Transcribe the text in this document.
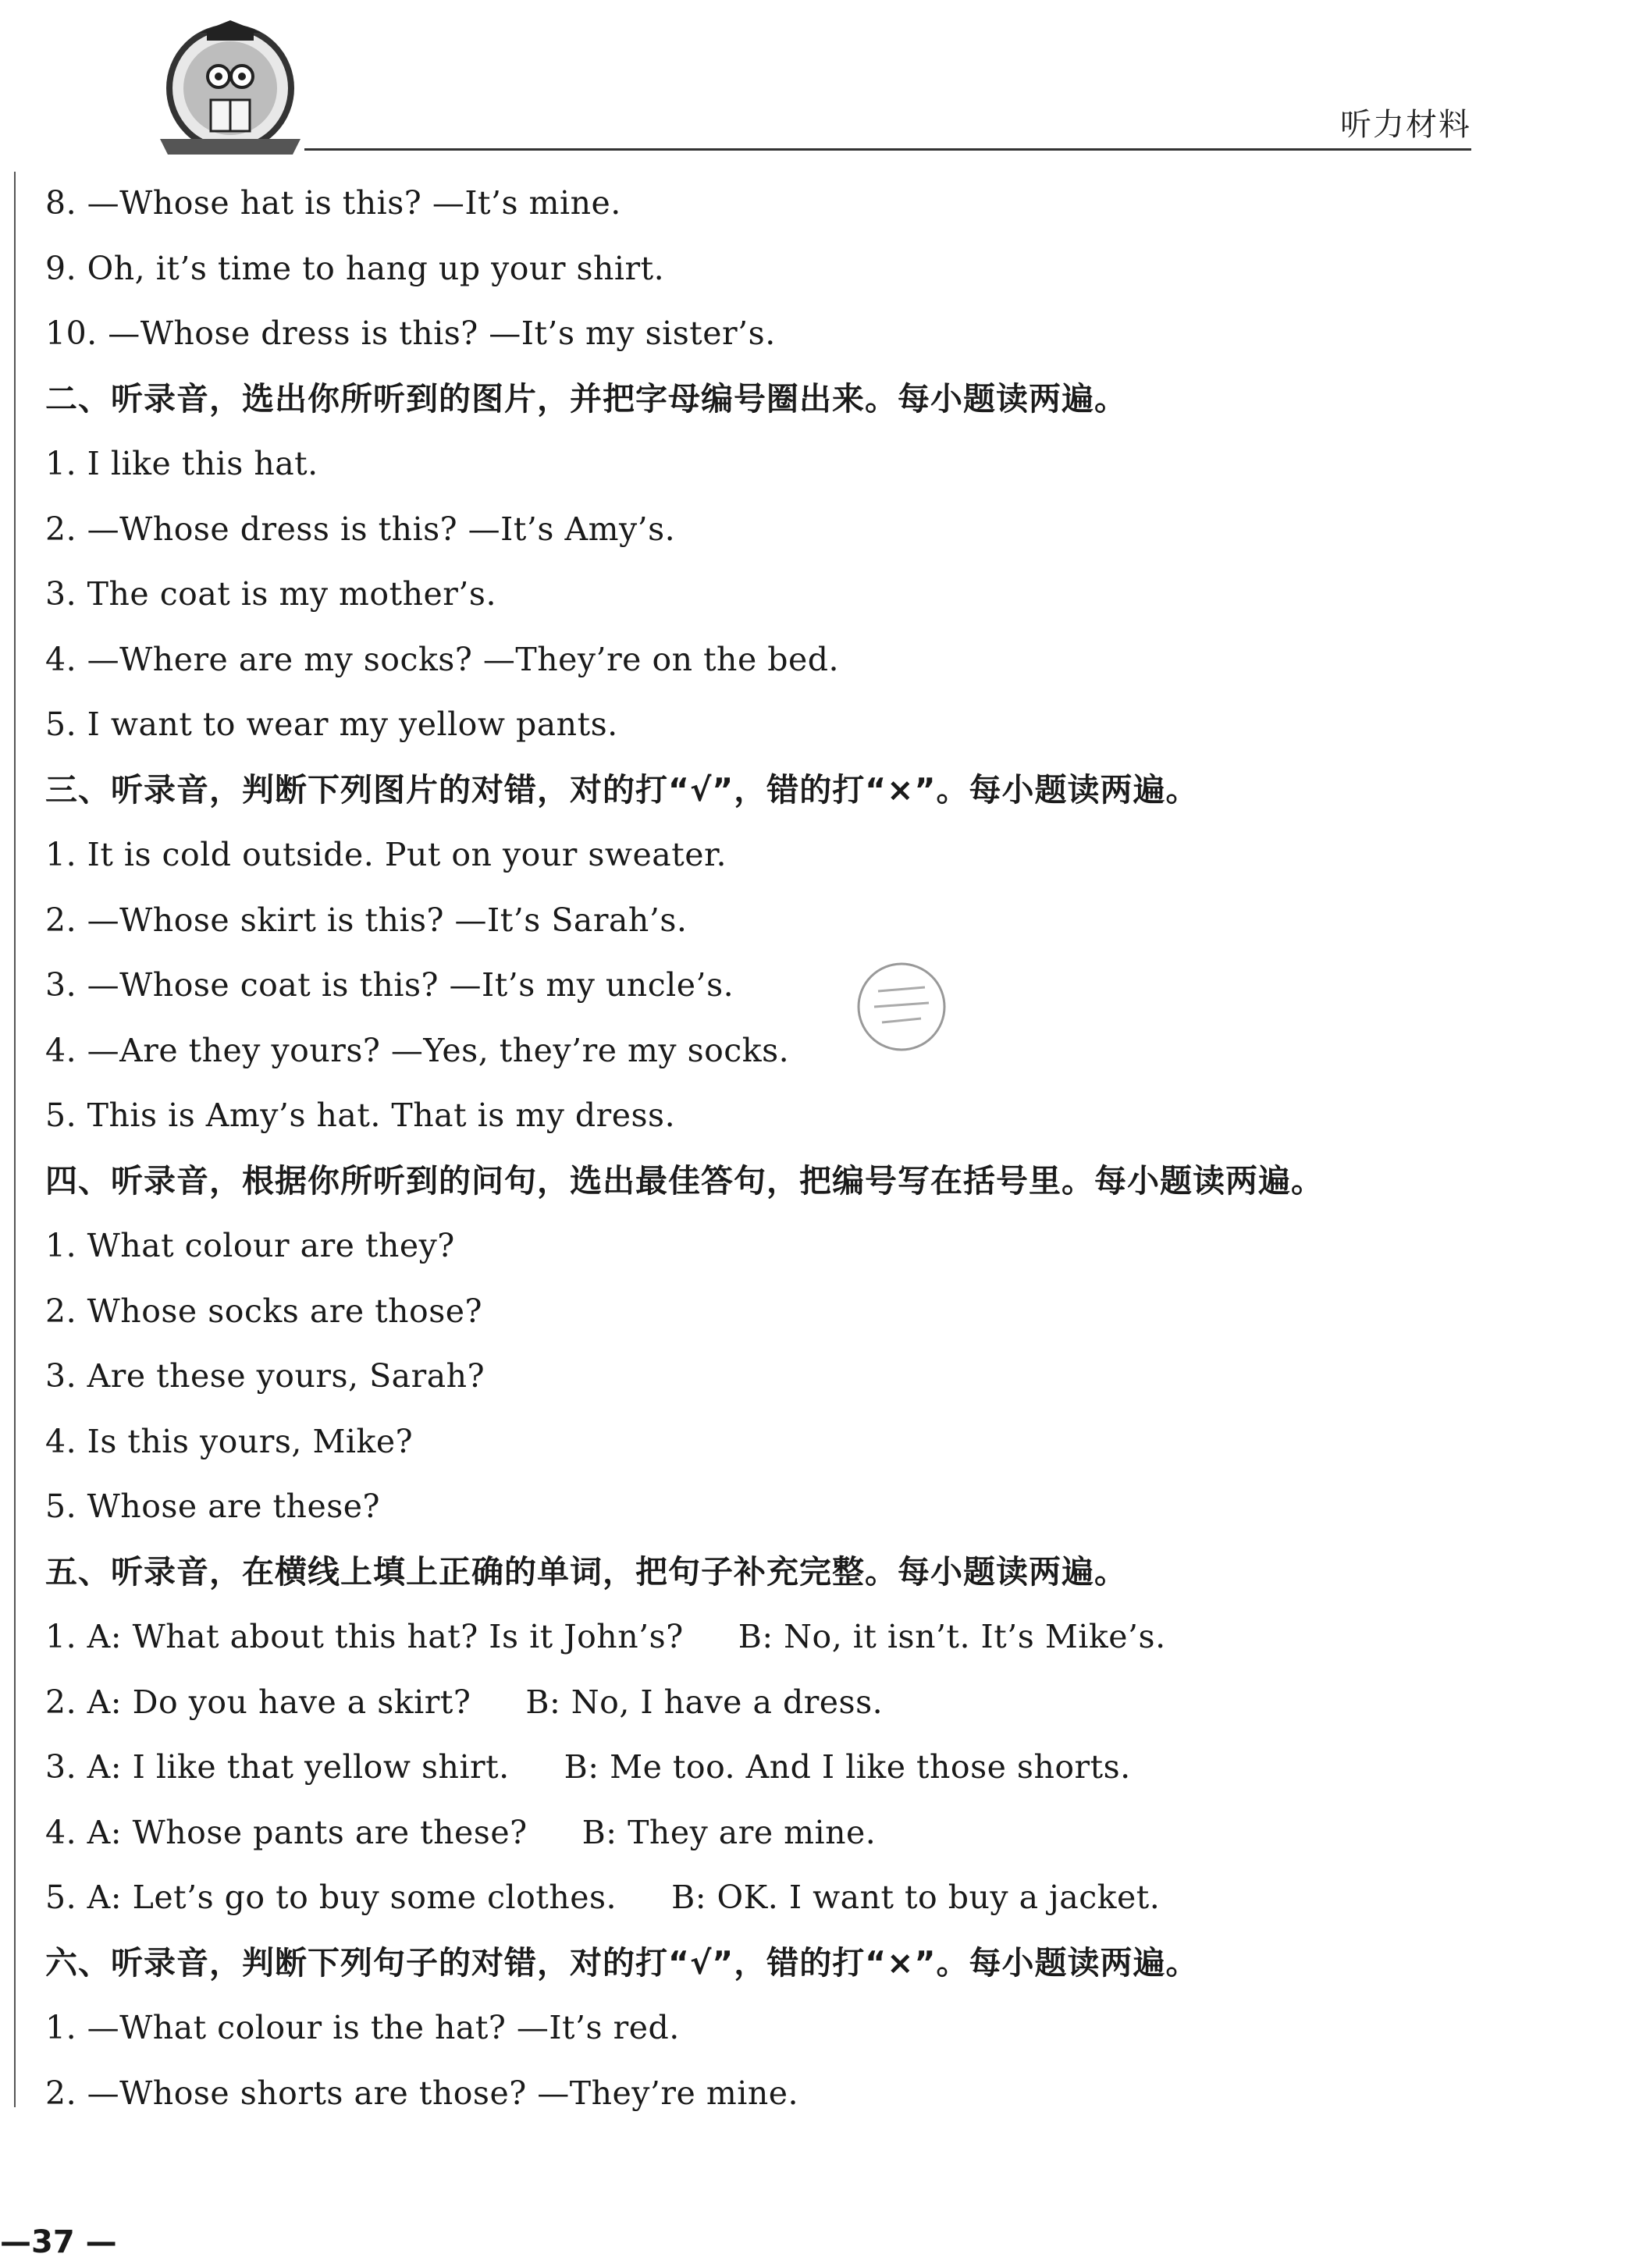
听力材料
8. —Whose hat is this? —It’s mine.
9. Oh, it’s time to hang up your shirt.
10. —Whose dress is this? —It’s my sister’s.
二、听录音，选出你所听到的图片，并把字母编号圈出来。每小题读两遍。
1. I like this hat.
2. —Whose dress is this? —It’s Amy’s.
3. The coat is my mother’s.
4. —Where are my socks? —They’re on the bed.
5. I want to wear my yellow pants.
三、听录音，判断下列图片的对错，对的打“√”，错的打“×”。每小题读两遍。
1. It is cold outside. Put on your sweater.
2. —Whose skirt is this? —It’s Sarah’s.
3. —Whose coat is this? —It’s my uncle’s.
4. —Are they yours? —Yes, they’re my socks.
5. This is Amy’s hat. That is my dress.
四、听录音，根据你所听到的问句，选出最佳答句，把编号写在括号里。每小题读两遍。
1. What colour are they?
2. Whose socks are those?
3. Are these yours, Sarah?
4. Is this yours, Mike?
5. Whose are these?
五、听录音，在横线上填上正确的单词，把句子补充完整。每小题读两遍。
1. A: What about this hat? Is it John’s? B: No, it isn’t. It’s Mike’s.
2. A: Do you have a skirt? B: No, I have a dress.
3. A: I like that yellow shirt. B: Me too. And I like those shorts.
4. A: Whose pants are these? B: They are mine.
5. A: Let’s go to buy some clothes. B: OK. I want to buy a jacket.
六、听录音，判断下列句子的对错，对的打“√”，错的打“×”。每小题读两遍。
1. —What colour is the hat? —It’s red.
2. —Whose shorts are those? —They’re mine.
—37 —
